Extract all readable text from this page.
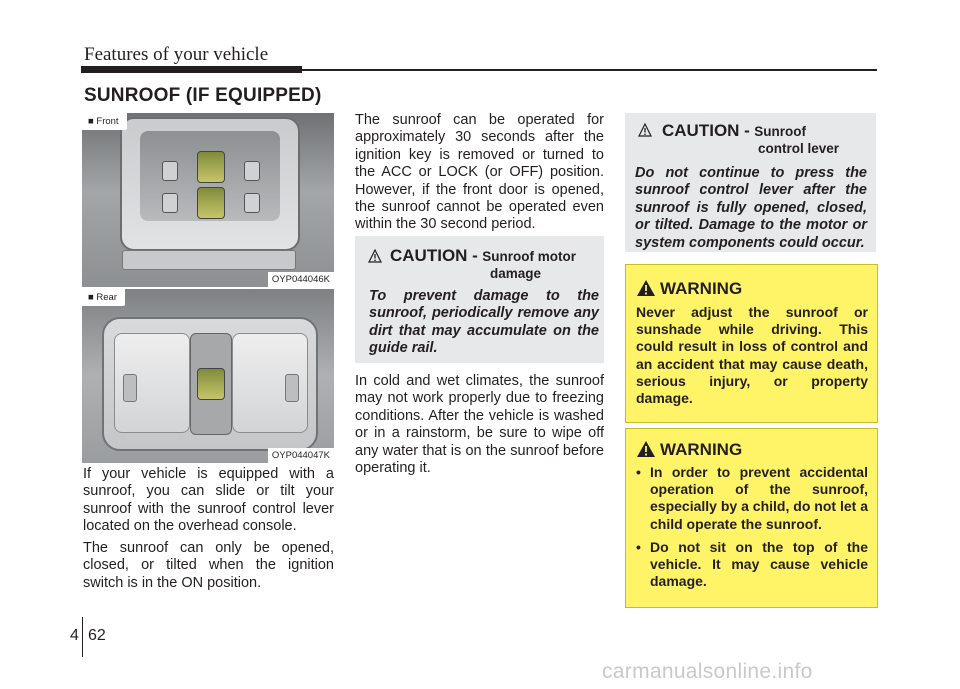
Features of your vehicle
SUNROOF (IF EQUIPPED)
■ Front
OYP044046K
■ Rear
OYP044047K

If your vehicle is equipped with a sunroof, you can slide or tilt your sunroof with the sunroof control lever located on the overhead console.

The sunroof can only be opened, closed, or tilted when the ignition switch is in the ON position.

The sunroof can be operated for approximately 30 seconds after the ignition key is removed or turned to the ACC or LOCK (or OFF) position. However, if the front door is opened, the sunroof cannot be operated even within the 30 second period.

CAUTION - Sunroof motor
damage

To prevent damage to the sunroof, periodically remove any dirt that may accumulate on the guide rail.

In cold and wet climates, the sunroof may not work properly due to freezing conditions. After the vehicle is washed or in a rainstorm, be sure to wipe off any water that is on the sunroof before operating it.

CAUTION - Sunroof
control lever

Do not continue to press the sunroof control lever after the sunroof is fully opened, closed, or tilted. Damage to the motor or system components could occur.

WARNING

Never adjust the sunroof or sunshade while driving. This could result in loss of control and an accident that may cause death, serious injury, or property damage.

WARNING
• In order to prevent accidental operation of the sunroof, especially by a child, do not let a child operate the sunroof.
• Do not sit on the top of the vehicle. It may cause vehicle damage.
4 62
carmanualsonline.info
